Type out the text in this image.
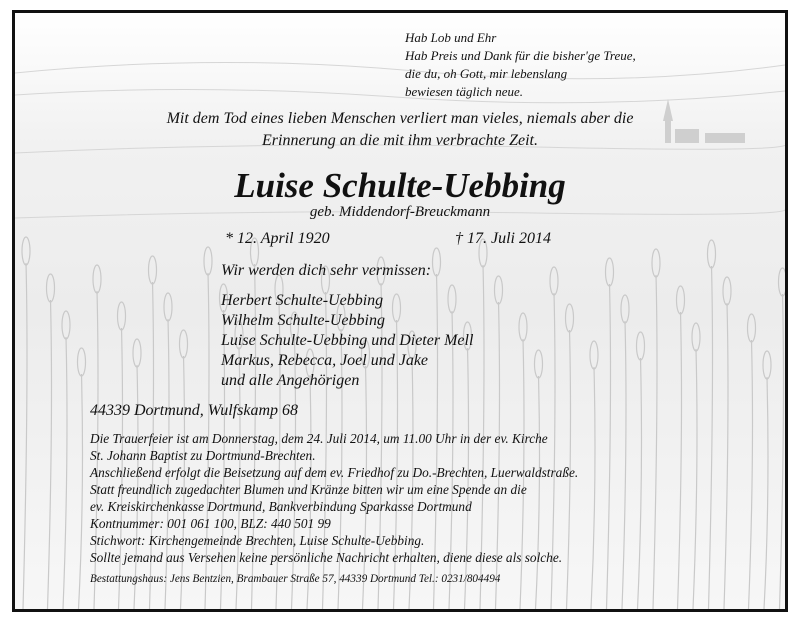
Hab Lob und Ehr
Hab Preis und Dank für die bisher'ge Treue,
die du, oh Gott, mir lebenslang
bewiesen täglich neue.
Mit dem Tod eines lieben Menschen verliert man vieles, niemals aber die
Erinnerung an die mit ihm verbrachte Zeit.
Luise Schulte-Uebbing
geb. Middendorf-Breuckmann
* 12. April 1920	† 17. Juli 2014
Wir werden dich sehr vermissen:
Herbert Schulte-Uebbing
Wilhelm Schulte-Uebbing
Luise Schulte-Uebbing und Dieter Mell
Markus, Rebecca, Joel und Jake
und alle Angehörigen
44339 Dortmund, Wulfskamp 68
Die Trauerfeier ist am Donnerstag, dem 24. Juli 2014, um 11.00 Uhr in der ev. Kirche
St. Johann Baptist zu Dortmund-Brechten.
Anschließend erfolgt die Beisetzung auf dem ev. Friedhof zu Do.-Brechten, Luerwaldstraße.
Statt freundlich zugedachter Blumen und Kränze bitten wir um eine Spende an die
ev. Kreiskirchenkasse Dortmund, Bankverbindung Sparkasse Dortmund
Kontnummer: 001 061 100, BLZ: 440 501 99
Stichwort: Kirchengemeinde Brechten, Luise Schulte-Uebbing.
Sollte jemand aus Versehen keine persönliche Nachricht erhalten, diene diese als solche.
Bestattungshaus: Jens Bentzien, Brambauer Straße 57, 44339 Dortmund Tel.: 0231/804494
